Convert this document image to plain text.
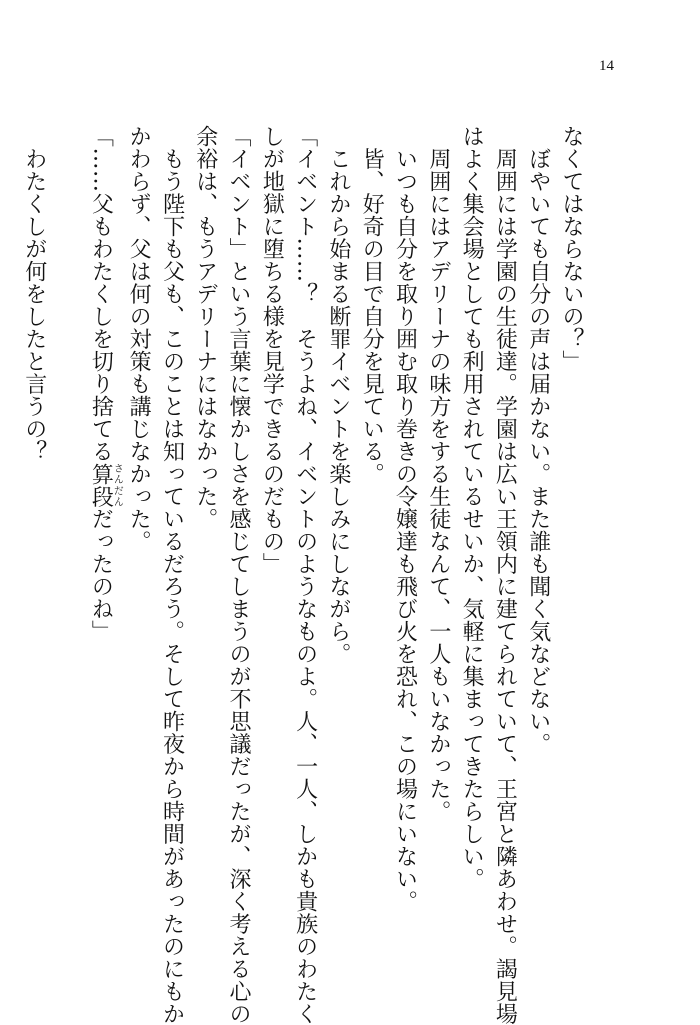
14
なくてはならないの？」
　ぼやいても自分の声は届かない。また誰も聞く気などない。
　周囲には学園の生徒達。学園は広い王領内に建てられていて、王宮と隣あわせ。謁見場
はよく集会場としても利用されているせいか、気軽に集まってきたらしい。
　周囲にはアデリーナの味方をする生徒なんて、一人もいなかった。
　いつも自分を取り囲む取り巻きの令嬢達も飛び火を恐れ、この場にいない。
　皆、好奇の目で自分を見ている。
　これから始まる断罪イベントを楽しみにしながら。
「イベント……？　そうよね、イベントのようなものよ。人、一人、しかも貴族のわたく
しが地獄に堕ちる様を見学できるのだもの」
「イベント」という言葉に懐かしさを感じてしまうのが不思議だったが、深く考える心の
余裕は、もうアデリーナにはなかった。
　もう陛下も父も、このことは知っているだろう。そして昨夜から時間があったのにもか
かわらず、父は何の対策も講じなかった。
「……父もわたくしを切り捨てる算段さんだんだったのね」

　わたくしが何をしたと言うの？
